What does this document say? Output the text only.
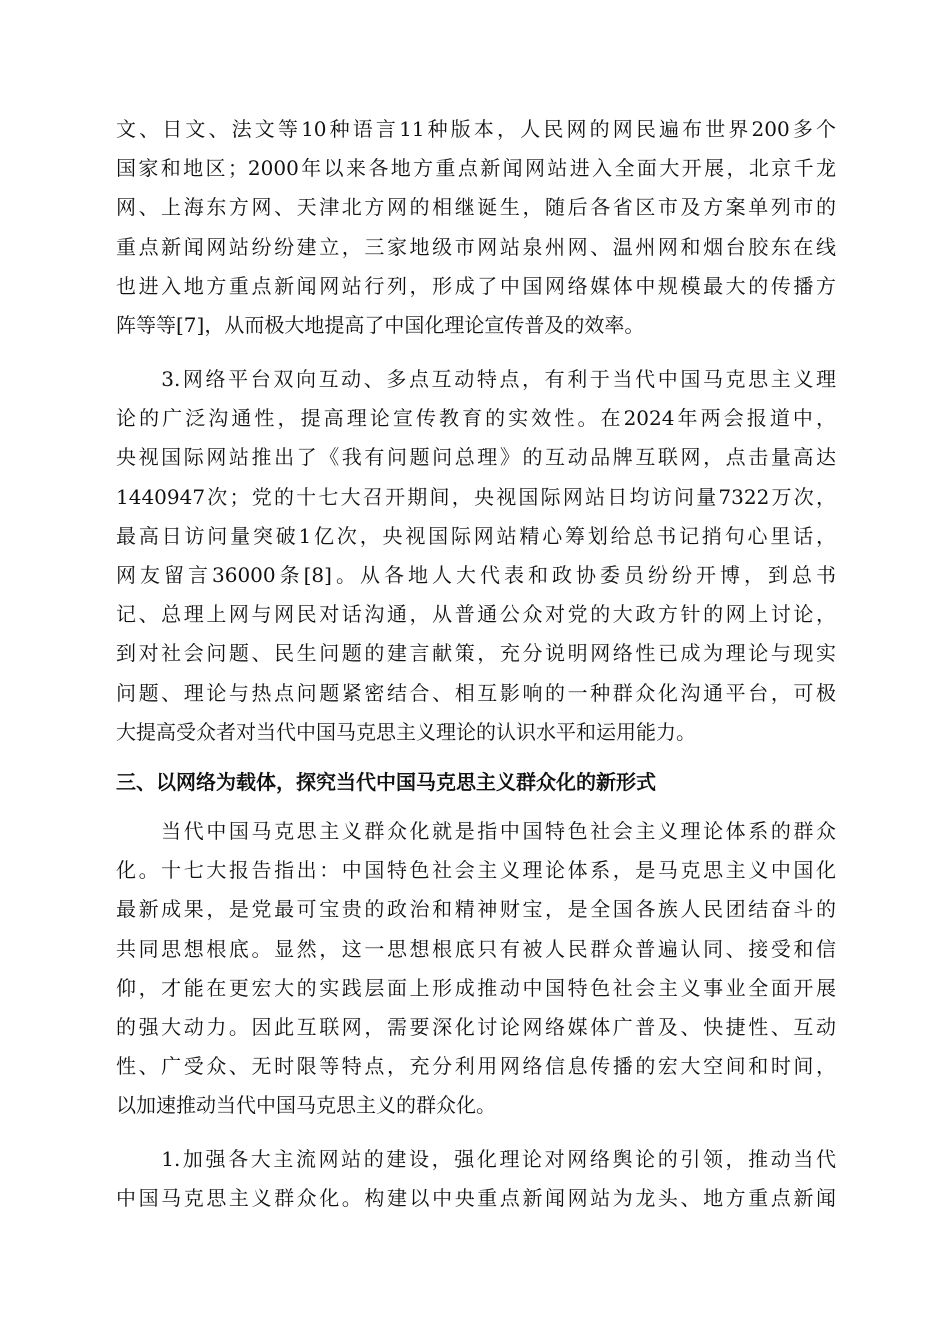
文、日文、法文等10种语言11种版本，人民网的网民遍布世界200多个
国家和地区；2000年以来各地方重点新闻网站进入全面大开展，北京千龙
网、上海东方网、天津北方网的相继诞生，随后各省区市及方案单列市的
重点新闻网站纷纷建立，三家地级市网站泉州网、温州网和烟台胶东在线
也进入地方重点新闻网站行列，形成了中国网络媒体中规模最大的传播方
阵等等[7]，从而极大地提高了中国化理论宣传普及的效率。
　　3.网络平台双向互动、多点互动特点，有利于当代中国马克思主义理
论的广泛沟通性，提高理论宣传教育的实效性。在2024年两会报道中，
央视国际网站推出了《我有问题问总理》的互动品牌互联网，点击量高达
1440947次；党的十七大召开期间，央视国际网站日均访问量7322万次，
最高日访问量突破1亿次，央视国际网站精心筹划给总书记捎句心里话，
网友留言36000条[8]。从各地人大代表和政协委员纷纷开博，到总书
记、总理上网与网民对话沟通，从普通公众对党的大政方针的网上讨论，
到对社会问题、民生问题的建言献策，充分说明网络性已成为理论与现实
问题、理论与热点问题紧密结合、相互影响的一种群众化沟通平台，可极
大提高受众者对当代中国马克思主义理论的认识水平和运用能力。
三、以网络为载体，探究当代中国马克思主义群众化的新形式
　　当代中国马克思主义群众化就是指中国特色社会主义理论体系的群众
化。十七大报告指出：中国特色社会主义理论体系，是马克思主义中国化
最新成果，是党最可宝贵的政治和精神财宝，是全国各族人民团结奋斗的
共同思想根底。显然，这一思想根底只有被人民群众普遍认同、接受和信
仰，才能在更宏大的实践层面上形成推动中国特色社会主义事业全面开展
的强大动力。因此互联网，需要深化讨论网络媒体广普及、快捷性、互动
性、广受众、无时限等特点，充分利用网络信息传播的宏大空间和时间，
以加速推动当代中国马克思主义的群众化。
　　1.加强各大主流网站的建设，强化理论对网络舆论的引领，推动当代
中国马克思主义群众化。构建以中央重点新闻网站为龙头、地方重点新闻
